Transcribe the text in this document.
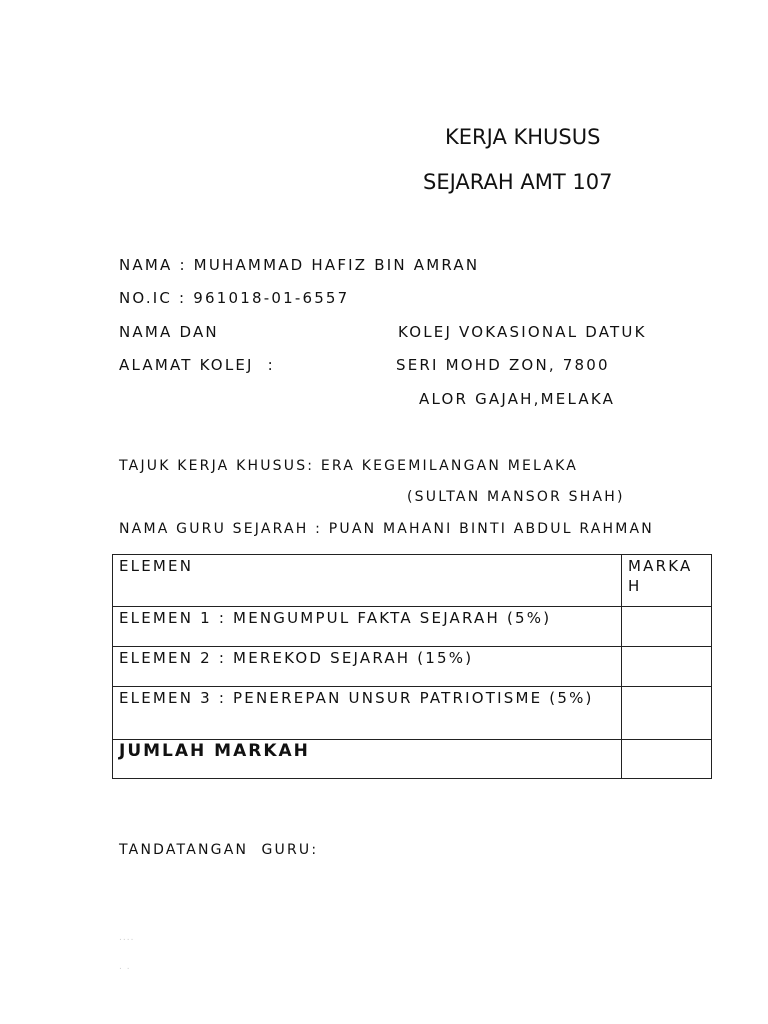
KERJA KHUSUS
SEJARAH AMT 107
NAMA : MUHAMMAD HAFIZ BIN AMRAN
NO.IC : 961018-01-6557
NAMA DAN
ALAMAT KOLEJ  :
KOLEJ VOKASIONAL DATUK
SERI MOHD ZON, 7800
ALOR GAJAH,MELAKA
TAJUK KERJA KHUSUS: ERA KEGEMILANGAN MELAKA
(SULTAN MANSOR SHAH)
NAMA GURU SEJARAH : PUAN MAHANI BINTI ABDUL RAHMAN
ELEMEN	MARKAH
ELEMEN 1 : MENGUMPUL FAKTA SEJARAH (5%)	
ELEMEN 2 : MEREKOD SEJARAH (15%)	
ELEMEN 3 : PENEREPAN UNSUR PATRIOTISME (5%)	
JUMLAH MARKAH	
TANDATANGAN  GURU:
....
. .
